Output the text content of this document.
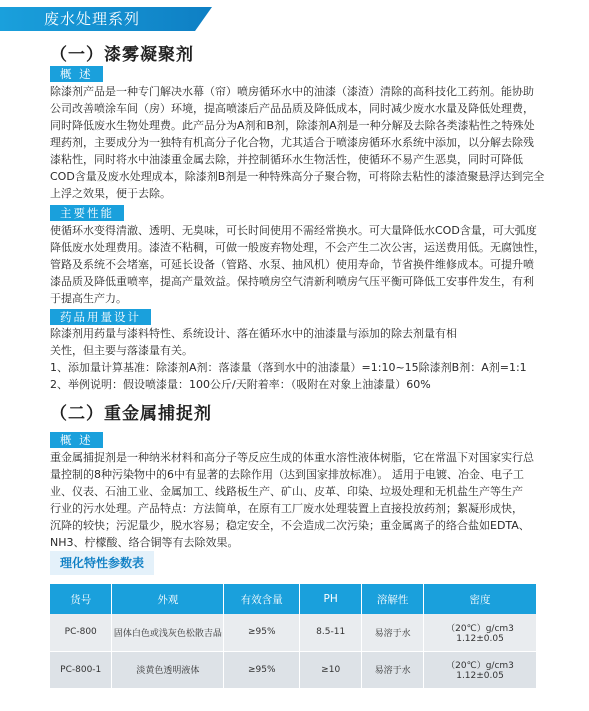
废水处理系列
（一）漆雾凝聚剂
概 述
除漆剂产品是一种专门解决水幕（帘）喷房循环水中的油漆（漆渣）清除的高科技化工药剂。能协助
公司改善喷涂车间（房）环境，提高喷漆后产品品质及降低成本，同时减少废水水量及降低处理费，
同时降低废水生物处理费。此产品分为A剂和B剂，除漆剂A剂是一种分解及去除各类漆粘性之特殊处
理药剂，主要成分为一独特有机高分子化合物，尤其适合于喷漆房循环水系统中添加，以分解去除残
漆粘性，同时将水中油漆重金属去除，并控制循环水生物活性，使循环不易产生恶臭，同时可降低
COD含量及废水处理成本，除漆剂B剂是一种特殊高分子聚合物，可将除去粘性的漆渣聚悬浮达到完全
上浮之效果，便于去除。
主要性能
使循环水变得清澈、透明、无臭味，可长时间使用不需经常换水。可大量降低水COD含量，可大弧度
降低废水处理费用。漆渣不粘稠，可做一般废弃物处理，不会产生二次公害，运送费用低。无腐蚀性，
管路及系统不会堵塞，可延长设备（管路、水泵、抽风机）使用寿命，节省换件维修成本。可提升喷
漆品质及降低重喷率，提高产量效益。保持喷房空气清新利喷房气压平衡可降低工安事件发生，有利
于提高生产力。
药品用量设计
除漆剂用药量与漆料特性、系统设计、落在循环水中的油漆量与添加的除去剂量有相
关性，但主要与落漆量有关。
1、添加量计算基准：除漆剂A剂：落漆量（落到水中的油漆量）=1:10~15除漆剂B剂：A剂=1:1
2、举例说明：假设喷漆量：100公斤/天附着率：（吸附在对象上油漆量）60%
（二）重金属捕捉剂
概 述
重金属捕捉剂是一种纳米材料和高分子等反应生成的体重水溶性液体树脂，它在常温下对国家实行总
量控制的8种污染物中的6中有显著的去除作用（达到国家排放标准）。 适用于电镀、冶金、电子工
业、仪表、石油工业、金属加工、线路板生产、矿山、皮革、印染、垃圾处理和无机盐生产等生产
行业的污水处理。产品特点：方法简单，在原有工厂废水处理装置上直接投放药剂；絮凝形成快，
沉降的较快；污泥量少，脱水容易；稳定安全，不会造成二次污染；重金属离子的络合盐如EDTA、
NH3、柠檬酸、络合铜等有去除效果。
理化特性参数表
货号	外观	有效含量	PH	溶解性	密度
PC-800	固体白色或浅灰色松散吉晶	≥95%	8.5-11	易溶于水	（20℃）g/cm3 1.12±0.05
PC-800-1	淡黄色透明液体	≥95%	≥10	易溶于水	（20℃）g/cm3 1.12±0.05
